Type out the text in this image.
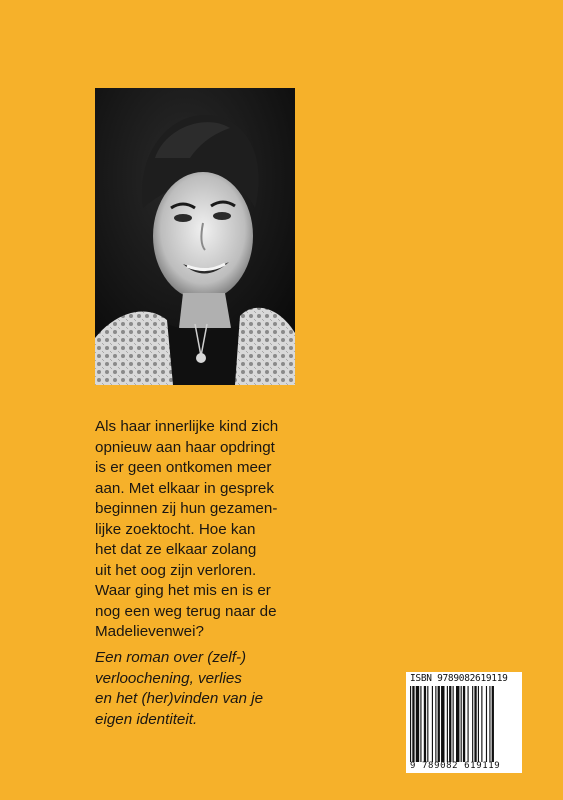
Als haar innerlijke kind zich
opnieuw aan haar opdringt
is er geen ontkomen meer
aan. Met elkaar in gesprek
beginnen zij hun gezamen-
lijke zoektocht. Hoe kan
het dat ze elkaar zolang
uit het oog zijn verloren.
Waar ging het mis en is er
nog een weg terug naar de
Madelievenwei?

Een roman over (zelf-)
verloochening, verlies
en het (her)vinden van je
eigen identiteit.

ISBN 9789082619119
9 789082 619119
